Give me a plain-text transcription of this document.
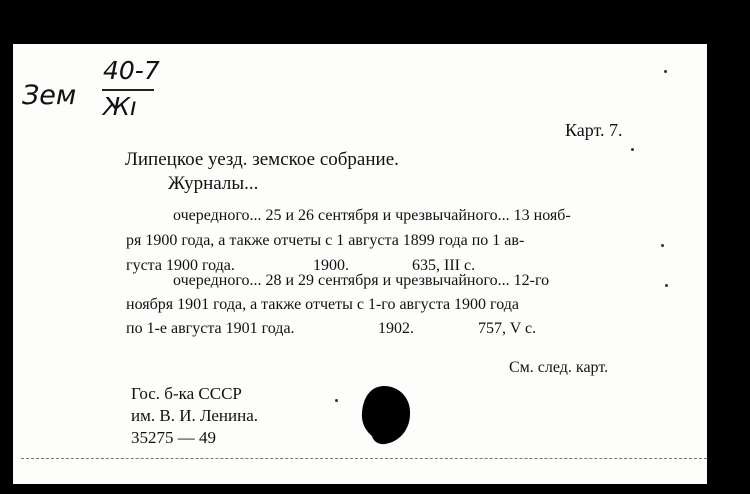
Зем
40-7
Жı
Карт. 7.
Липецкое уезд. земское собрание.
Журналы...
очередного... 25 и 26 сентября и чрезвычайного... 13 нояб-
ря 1900 года, а также отчеты с 1 августа 1899 года по 1 ав-
густа 1900 года.	1900.	635, III с.
очередного... 28 и 29 сентября и чрезвычайного... 12-го
ноября 1901 года, а также отчеты с 1-го августа 1900 года
по 1-е августа 1901 года.	1902.	757, V с.
См. след. карт.
Гос. б-ка СССР
им. В. И. Ленина.
35275 — 49
